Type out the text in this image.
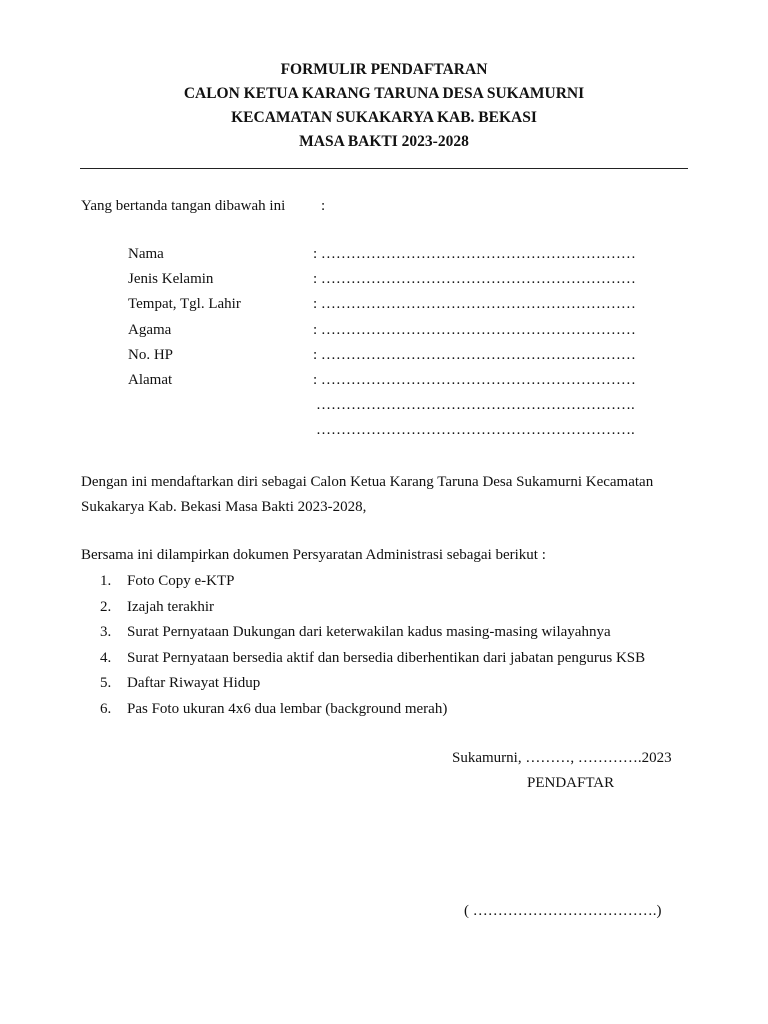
FORMULIR PENDAFTARAN
CALON KETUA KARANG TARUNA DESA SUKAMURNI
KECAMATAN SUKAKARYA KAB. BEKASI
MASA BAKTI 2023-2028
Yang bertanda tangan dibawah ini :
Nama	: ………………………………………………………
Jenis Kelamin	: ………………………………………………………
Tempat, Tgl. Lahir	: ………………………………………………………
Agama	: ………………………………………………………
No. HP	: ………………………………………………………
Alamat	: ………………………………………………………
……………………………………………………….
……………………………………………………….
Dengan ini mendaftarkan diri sebagai Calon Ketua Karang Taruna Desa Sukamurni Kecamatan Sukakarya Kab. Bekasi Masa Bakti 2023-2028,
Bersama ini dilampirkan dokumen Persyaratan Administrasi sebagai berikut :
1. Foto Copy e-KTP
2. Izajah terakhir
3. Surat Pernyataan Dukungan dari keterwakilan kadus masing-masing wilayahnya
4. Surat Pernyataan bersedia aktif dan bersedia diberhentikan dari jabatan pengurus KSB
5. Daftar Riwayat Hidup
6. Pas Foto ukuran 4x6 dua lembar (background merah)
Sukamurni, ………, ………….2023
PENDAFTAR
( ……………………………….)
